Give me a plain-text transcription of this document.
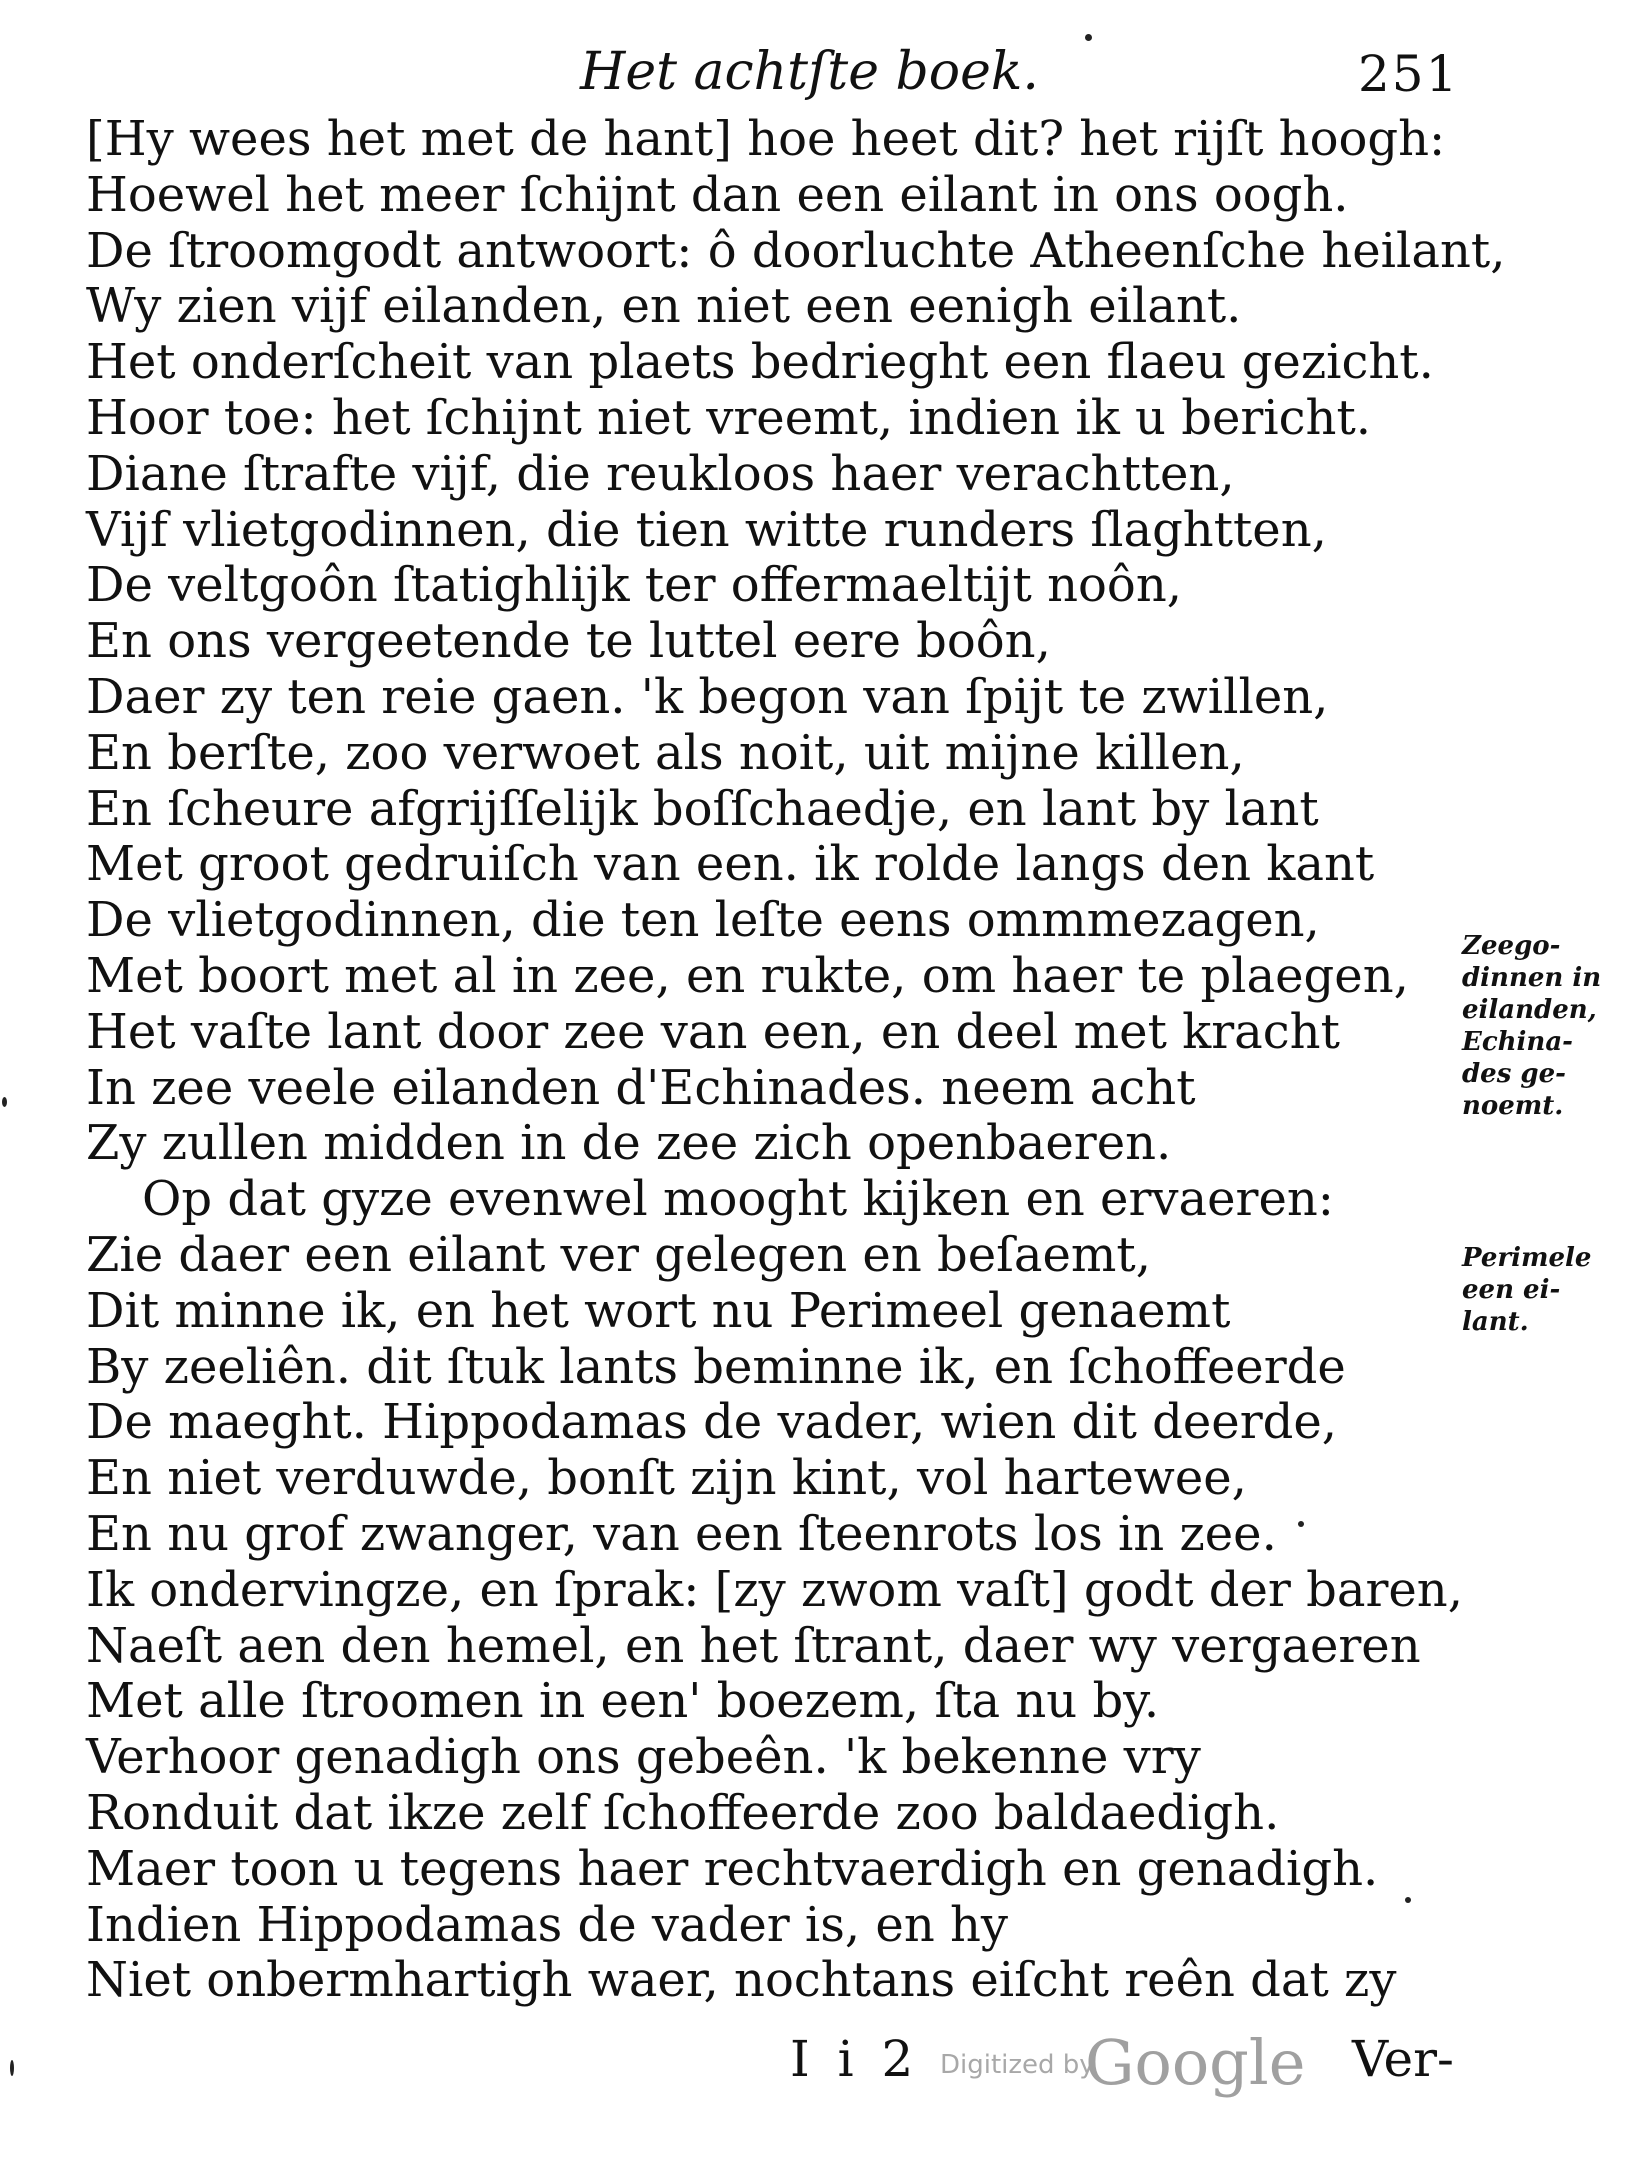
Het achtſte boek.	251
[Hy wees het met de hant] hoe heet dit? het rijſt hoogh:
Hoewel het meer ſchijnt dan een eilant in ons oogh.
De ſtroomgodt antwoort: ô doorluchte Atheenſche heilant,
Wy zien vijf eilanden, en niet een eenigh eilant.
Het onderſcheit van plaets bedrieght een flaeu gezicht.
Hoor toe: het ſchijnt niet vreemt, indien ik u bericht.
Diane ſtrafte vijf, die reukloos haer verachtten,
Vijf vlietgodinnen, die tien witte runders ſlaghtten,
De veltgoôn ſtatighlijk ter offermaeltijt noôn,
En ons vergeetende te luttel eere boôn,
Daer zy ten reie gaen. 'k begon van ſpijt te zwillen,
En berſte, zoo verwoet als noit, uit mijne killen,
En ſcheure afgrijſſelijk boſſchaedje, en lant by lant
Met groot gedruiſch van een. ik rolde langs den kant
De vlietgodinnen, die ten leſte eens ommmezagen,
Met boort met al in zee, en rukte, om haer te plaegen,
Het vaſte lant door zee van een, en deel met kracht
In zee veele eilanden d'Echinades. neem acht
Zy zullen midden in de zee zich openbaeren.
Op dat gyze evenwel mooght kijken en ervaeren:
Zie daer een eilant ver gelegen en beſaemt,
Dit minne ik, en het wort nu Perimeel genaemt
By zeeliên. dit ſtuk lants beminne ik, en ſchoffeerde
De maeght. Hippodamas de vader, wien dit deerde,
En niet verduwde, bonſt zijn kint, vol hartewee,
En nu grof zwanger, van een ſteenrots los in zee.
Ik ondervingze, en ſprak: [zy zwom vaſt] godt der baren,
Naeſt aen den hemel, en het ſtrant, daer wy vergaeren
Met alle ſtroomen in een' boezem, ſta nu by.
Verhoor genadigh ons gebeên. 'k bekenne vry
Ronduit dat ikze zelf ſchoffeerde zoo baldaedigh.
Maer toon u tegens haer rechtvaerdigh en genadigh.
Indien Hippodamas de vader is, en hy
Niet onbermhartigh waer, nochtans eiſcht reên dat zy
Zeego-
dinnen in
eilanden,
Echina-
des ge-
noemt.
Perimele
een ei-
lant.
I i 2 Digitized by
Google Ver-
